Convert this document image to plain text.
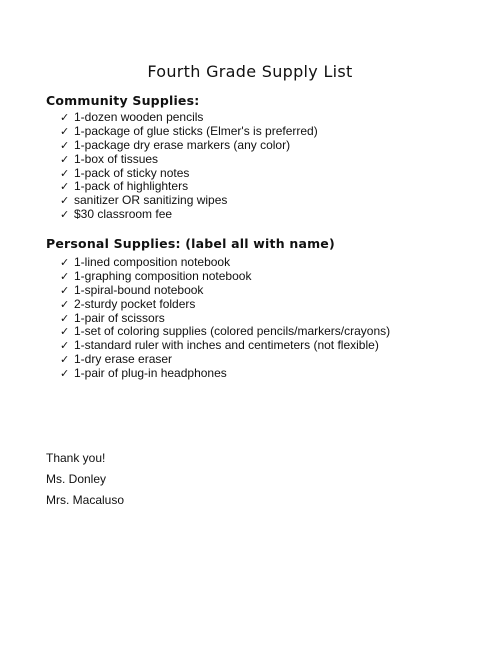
Fourth Grade Supply List
Community Supplies:
✓ 1-dozen wooden pencils
✓ 1-package of glue sticks (Elmer's is preferred)
✓ 1-package dry erase markers (any color)
✓ 1-box of tissues
✓ 1-pack of sticky notes
✓ 1-pack of highlighters
✓ sanitizer OR sanitizing wipes
✓ $30 classroom fee
Personal Supplies: (label all with name)
✓ 1-lined composition notebook
✓ 1-graphing composition notebook
✓ 1-spiral-bound notebook
✓ 2-sturdy pocket folders
✓ 1-pair of scissors
✓ 1-set of coloring supplies (colored pencils/markers/crayons)
✓ 1-standard ruler with inches and centimeters (not flexible)
✓ 1-dry erase eraser
✓ 1-pair of plug-in headphones
Thank you!
Ms. Donley
Mrs. Macaluso
